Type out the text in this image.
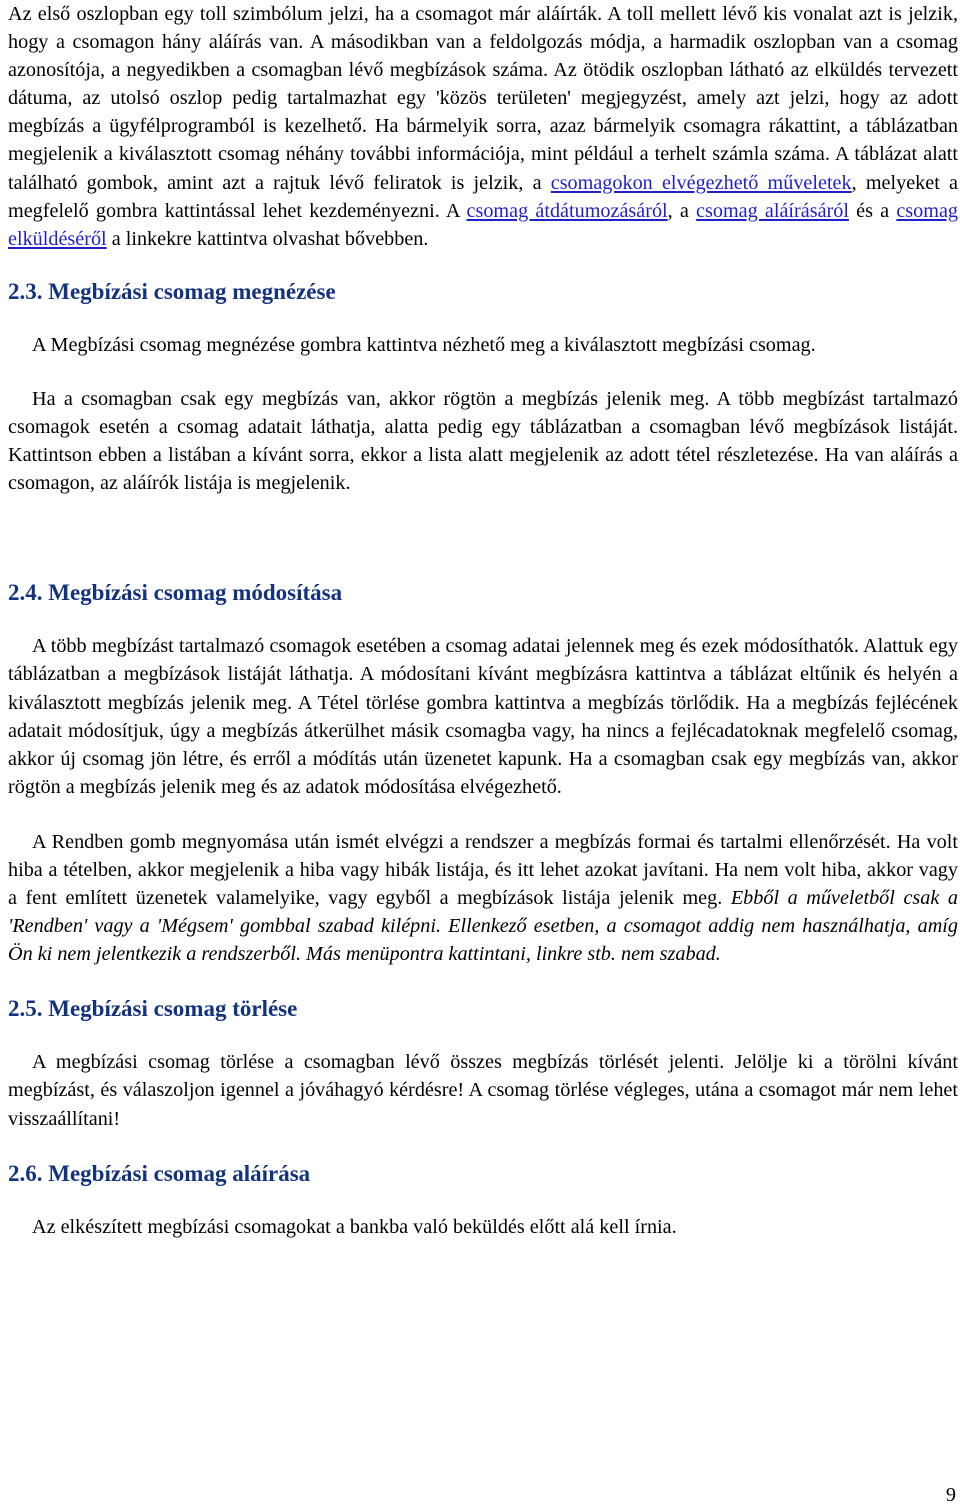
Az első oszlopban egy toll szimbólum jelzi, ha a csomagot már aláírták. A toll mellett lévő kis vonalat azt is jelzik, hogy a csomagon hány aláírás van. A másodikban van a feldolgozás módja, a harmadik oszlopban van a csomag azonosítója, a negyedikben a csomagban lévő megbízások száma. Az ötödik oszlopban látható az elküldés tervezett dátuma, az utolsó oszlop pedig tartalmazhat egy 'közös területen' megjegyzést, amely azt jelzi, hogy az adott megbízás a ügyfélprogramból is kezelhető. Ha bármelyik sorra, azaz bármelyik csomagra rákattint, a táblázatban megjelenik a kiválasztott csomag néhány további információja, mint például a terhelt számla száma. A táblázat alatt található gombok, amint azt a rajtuk lévő feliratok is jelzik, a csomagokon elvégezhető műveletek, melyeket a megfelelő gombra kattintással lehet kezdeményezni. A csomag átdátumozásáról, a csomag aláírásáról és a csomag elküldéséről a linkekre kattintva olvashat bővebben.

2.3. Megbízási csomag megnézése

A Megbízási csomag megnézése gombra kattintva nézhető meg a kiválasztott megbízási csomag.

Ha a csomagban csak egy megbízás van, akkor rögtön a megbízás jelenik meg. A több megbízást tartalmazó csomagok esetén a csomag adatait láthatja, alatta pedig egy táblázatban a csomagban lévő megbízások listáját. Kattintson ebben a listában a kívánt sorra, ekkor a lista alatt megjelenik az adott tétel részletezése. Ha van aláírás a csomagon, az aláírók listája is megjelenik.

2.4. Megbízási csomag módosítása

A több megbízást tartalmazó csomagok esetében a csomag adatai jelennek meg és ezek módosíthatók. Alattuk egy táblázatban a megbízások listáját láthatja. A módosítani kívánt megbízásra kattintva a táblázat eltűnik és helyén a kiválasztott megbízás jelenik meg. A Tétel törlése gombra kattintva a megbízás törlődik. Ha a megbízás fejlécének adatait módosítjuk, úgy a megbízás átkerülhet másik csomagba vagy, ha nincs a fejlécadatoknak megfelelő csomag, akkor új csomag jön létre, és erről a módítás után üzenetet kapunk. Ha a csomagban csak egy megbízás van, akkor rögtön a megbízás jelenik meg és az adatok módosítása elvégezhető.

A Rendben gomb megnyomása után ismét elvégzi a rendszer a megbízás formai és tartalmi ellenőrzését. Ha volt hiba a tételben, akkor megjelenik a hiba vagy hibák listája, és itt lehet azokat javítani. Ha nem volt hiba, akkor vagy a fent említett üzenetek valamelyike, vagy egyből a megbízások listája jelenik meg. Ebből a műveletből csak a 'Rendben' vagy a 'Mégsem' gombbal szabad kilépni. Ellenkező esetben, a csomagot addig nem használhatja, amíg Ön ki nem jelentkezik a rendszerből. Más menüpontra kattintani, linkre stb. nem szabad.

2.5. Megbízási csomag törlése

A megbízási csomag törlése a csomagban lévő összes megbízás törlését jelenti. Jelölje ki a törölni kívánt megbízást, és válaszoljon igennel a jóváhagyó kérdésre! A csomag törlése végleges, utána a csomagot már nem lehet visszaállítani!

2.6. Megbízási csomag aláírása

Az elkészített megbízási csomagokat a bankba való beküldés előtt alá kell írnia.

9
